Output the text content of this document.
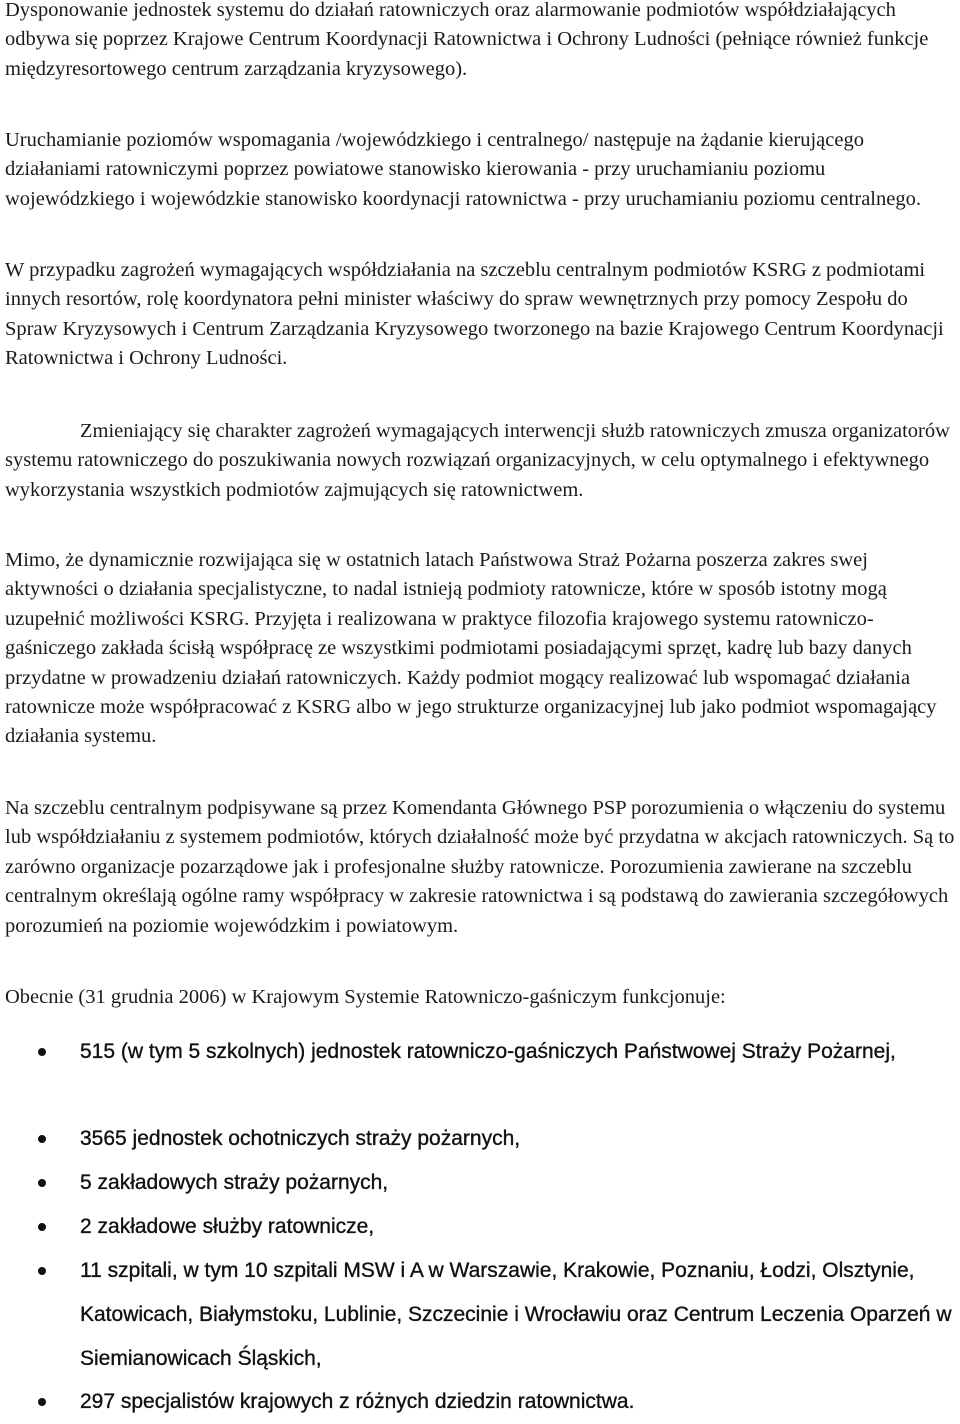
Dysponowanie jednostek systemu do działań ratowniczych oraz alarmowanie podmiotów współdziałających odbywa się poprzez Krajowe Centrum Koordynacji Ratownictwa i Ochrony Ludności (pełniące również funkcje międzyresortowego centrum zarządzania kryzysowego).

Uruchamianie poziomów wspomagania /wojewódzkiego i centralnego/ następuje na żądanie kierującego działaniami ratowniczymi poprzez powiatowe stanowisko kierowania - przy uruchamianiu poziomu wojewódzkiego i wojewódzkie stanowisko koordynacji ratownictwa - przy uruchamianiu poziomu centralnego.

W przypadku zagrożeń wymagających współdziałania na szczeblu centralnym podmiotów KSRG z podmiotami innych resortów, rolę koordynatora pełni minister właściwy do spraw wewnętrznych przy pomocy Zespołu do Spraw Kryzysowych i Centrum Zarządzania Kryzysowego tworzonego na bazie Krajowego Centrum Koordynacji Ratownictwa i Ochrony Ludności.

Zmieniający się charakter zagrożeń wymagających interwencji służb ratowniczych zmusza organizatorów systemu ratowniczego do poszukiwania nowych rozwiązań organizacyjnych, w celu optymalnego i efektywnego wykorzystania wszystkich podmiotów zajmujących się ratownictwem.

Mimo, że dynamicznie rozwijająca się w ostatnich latach Państwowa Straż Pożarna poszerza zakres swej aktywności o działania specjalistyczne, to nadal istnieją podmioty ratownicze, które w sposób istotny mogą uzupełnić możliwości KSRG. Przyjęta i realizowana w praktyce filozofia krajowego systemu ratowniczo- gaśniczego zakłada ścisłą współpracę ze wszystkimi podmiotami posiadającymi sprzęt, kadrę lub bazy danych przydatne w prowadzeniu działań ratowniczych. Każdy podmiot mogący realizować lub wspomagać działania ratownicze może współpracować z KSRG albo w jego strukturze organizacyjnej lub jako podmiot wspomagający działania systemu.

Na szczeblu centralnym podpisywane są przez Komendanta Głównego PSP porozumienia o włączeniu do systemu lub współdziałaniu z systemem podmiotów, których działalność może być przydatna w akcjach ratowniczych. Są to zarówno organizacje pozarządowe jak i profesjonalne służby ratownicze. Porozumienia zawierane na szczeblu centralnym określają ogólne ramy współpracy w zakresie ratownictwa i są podstawą do zawierania szczegółowych porozumień na poziomie wojewódzkim i powiatowym.

Obecnie (31 grudnia 2006) w Krajowym Systemie Ratowniczo-gaśniczym funkcjonuje:

515 (w tym 5 szkolnych) jednostek ratowniczo-gaśniczych Państwowej Straży Pożarnej,
3565 jednostek ochotniczych straży pożarnych,
5 zakładowych straży pożarnych,
2 zakładowe służby ratownicze,
11 szpitali, w tym 10 szpitali MSW i A w Warszawie, Krakowie, Poznaniu, Łodzi, Olsztynie, Katowicach, Białymstoku, Lublinie, Szczecinie i Wrocławiu oraz Centrum Leczenia Oparzeń w Siemianowicach Śląskich,
297 specjalistów krajowych z różnych dziedzin ratownictwa.
